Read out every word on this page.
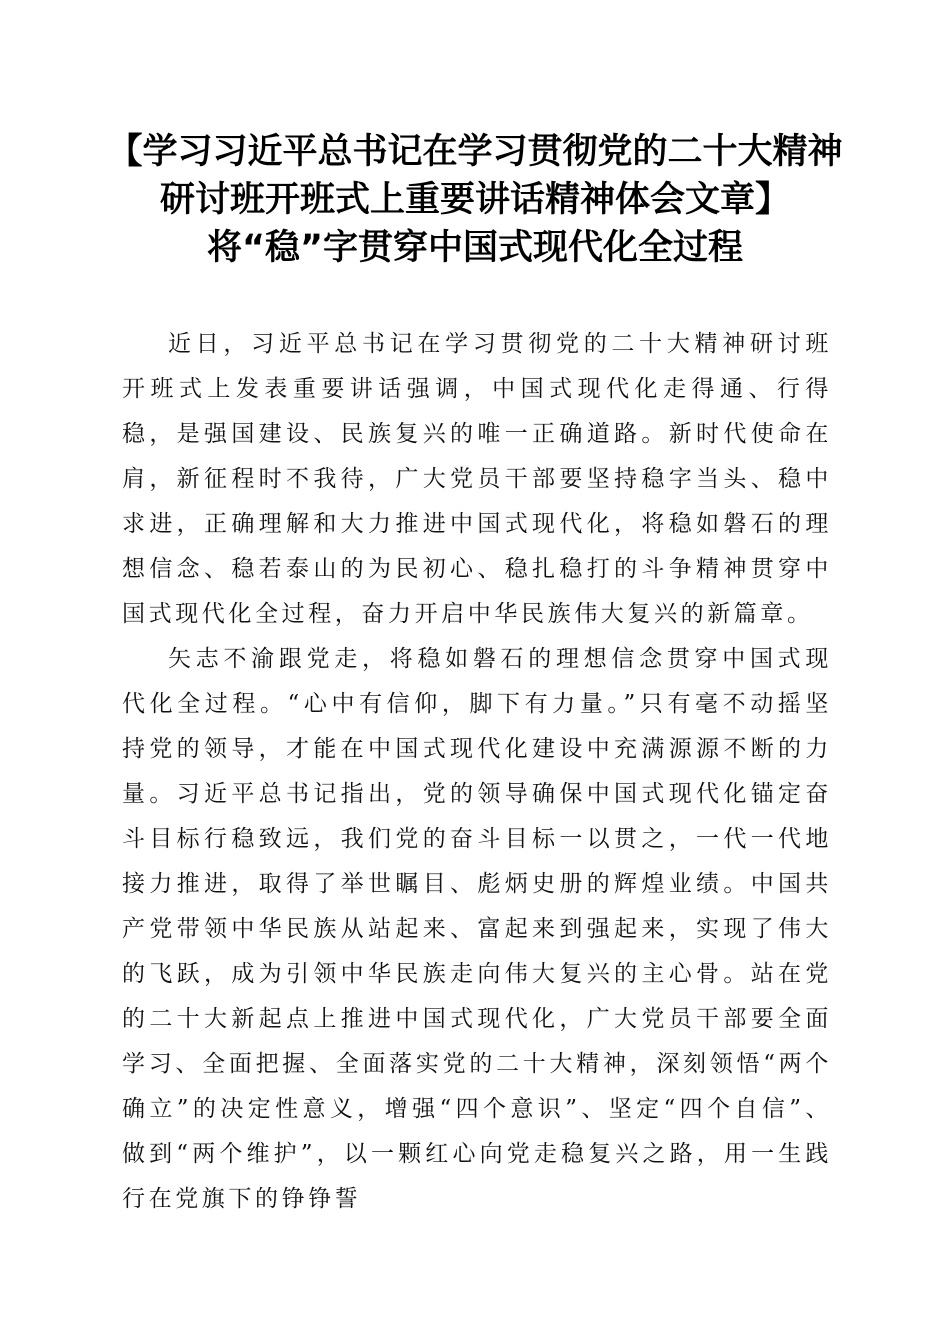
【学习习近平总书记在学习贯彻党的二十大精神研讨班开班式上重要讲话精神体会文章】将“稳”字贯穿中国式现代化全过程

近日，习近平总书记在学习贯彻党的二十大精神研讨班开班式上发表重要讲话强调，中国式现代化走得通、行得稳，是强国建设、民族复兴的唯一正确道路。新时代使命在肩，新征程时不我待，广大党员干部要坚持稳字当头、稳中求进，正确理解和大力推进中国式现代化，将稳如磐石的理想信念、稳若泰山的为民初心、稳扎稳打的斗争精神贯穿中国式现代化全过程，奋力开启中华民族伟大复兴的新篇章。

矢志不渝跟党走，将稳如磐石的理想信念贯穿中国式现代化全过程。“心中有信仰，脚下有力量。”只有毫不动摇坚持党的领导，才能在中国式现代化建设中充满源源不断的力量。习近平总书记指出，党的领导确保中国式现代化锚定奋斗目标行稳致远，我们党的奋斗目标一以贯之，一代一代地接力推进，取得了举世瞩目、彪炳史册的辉煌业绩。中国共产党带领中华民族从站起来、富起来到强起来，实现了伟大的飞跃，成为引领中华民族走向伟大复兴的主心骨。站在党的二十大新起点上推进中国式现代化，广大党员干部要全面学习、全面把握、全面落实党的二十大精神，深刻领悟“两个确立”的决定性意义，增强“四个意识”、坚定“四个自信”、做到“两个维护”，以一颗红心向党走稳复兴之路，用一生践行在党旗下的铮铮誓
